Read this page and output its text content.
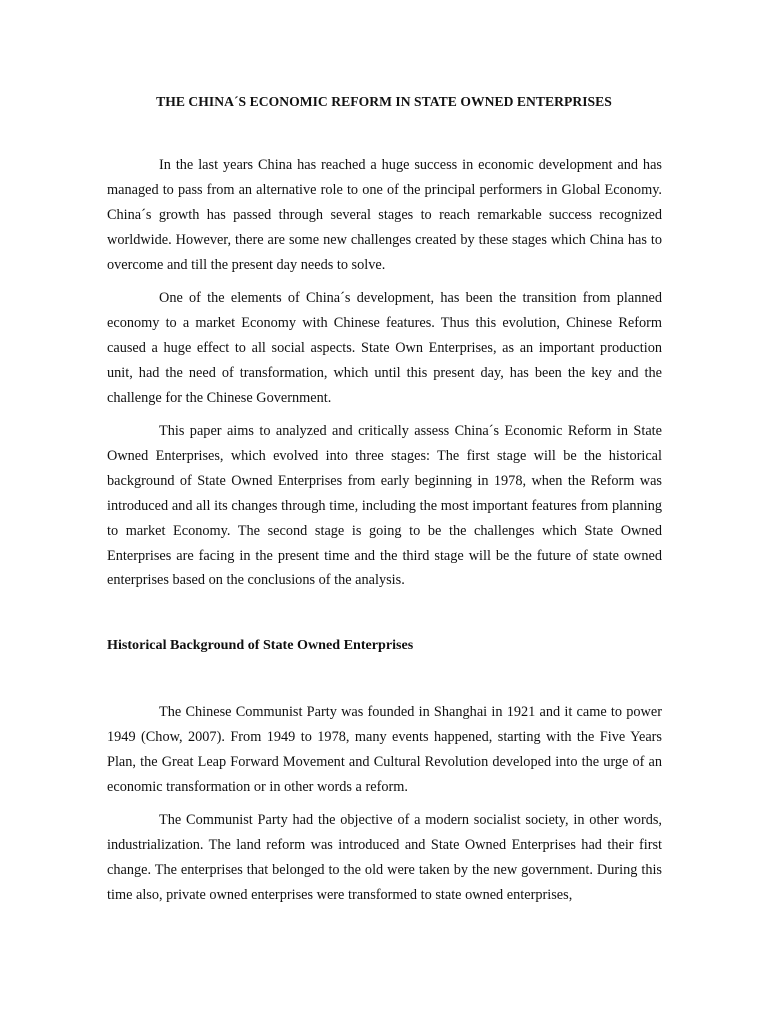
THE CHINA´S ECONOMIC REFORM IN STATE OWNED ENTERPRISES

In the last years China has reached a huge success in economic development and has managed to pass from an alternative role to one of the principal performers in Global Economy. China´s growth has passed through several stages to reach remarkable success recognized worldwide. However, there are some new challenges created by these stages which China has to overcome and till the present day needs to solve.

One of the elements of China´s development, has been the transition from planned economy to a market Economy with Chinese features. Thus this evolution, Chinese Reform caused a huge effect to all social aspects. State Own Enterprises, as an important production unit, had the need of transformation, which until this present day, has been the key and the challenge for the Chinese Government.

This paper aims to analyzed and critically assess China´s Economic Reform in State Owned Enterprises, which evolved into three stages: The first stage will be the historical background of State Owned Enterprises from early beginning in 1978, when the Reform was introduced and all its changes through time, including the most important features from planning to market Economy. The second stage is going to be the challenges which State Owned Enterprises are facing in the present time and the third stage will be the future of state owned enterprises based on the conclusions of the analysis.

Historical Background of State Owned Enterprises

The Chinese Communist Party was founded in Shanghai in 1921 and it came to power 1949 (Chow, 2007). From 1949 to 1978, many events happened, starting with the Five Years Plan, the Great Leap Forward Movement and Cultural Revolution developed into the urge of an economic transformation or in other words a reform.

The Communist Party had the objective of a modern socialist society, in other words, industrialization. The land reform was introduced and State Owned Enterprises had their first change. The enterprises that belonged to the old were taken by the new government. During this time also, private owned enterprises were transformed to state owned enterprises,
